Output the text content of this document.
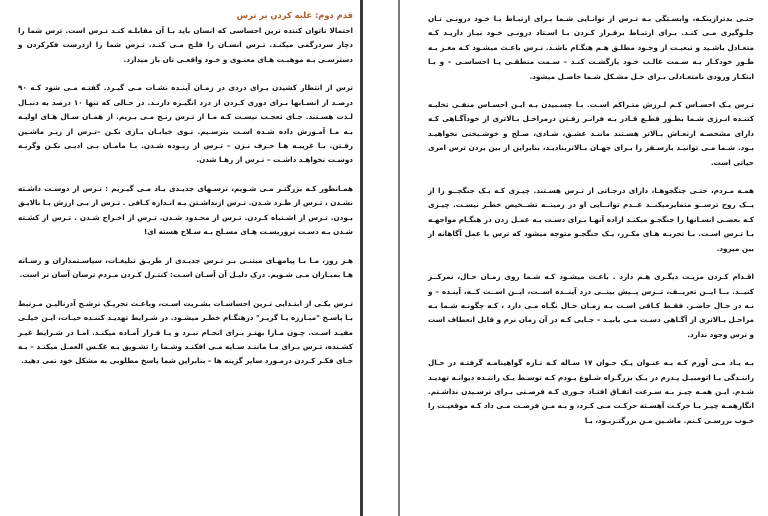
قدم دوم: غلبه کردن بر ترس

احتمالا ناتوان کننده ترین احساسی که انسان باید بـا آن مقابلـه کنـد تـرس است. ترس شما را دچار سردرگمی میکنـد. تـرس انسـان را فلـج مـی کنـد. تـرس شما را ازدرست فکرکردن و دسترسـی بـه موهبـت هـای معنـوی و خـود واقعـی تان باز میدارد.

ترس از انتظار کشیدن بـرای دردی در زمـان آینـده نشـات مـی گیـرد. گفتـه مـی شود کـه ۹۰ درصـد از انسـانها بـرای دوری کـردن از درد انگیـزه دارنـد. در حـالی که تنها ۱۰ درصد به دنبـال لـذت هسـتند. جـای تعجـب نیسـت کـه مـا از تـرس رنـج مـی بـریم. از همـان سـال هـای اولیـه بـه مـا آمـوزش داده شـده اسـت بترسـیم. تـوی خیابـان بـازی نکـن –تـرس از زیـر ماشـین رفـتن. بـا غریبـه هـا حـرف نـزن – تـرس از ربـوده شـدن. بـا مامـان بـی ادبـی نکـن وگرنـه دوسـت نخواهـد داشـت – تـرس از رهـا شدن.

همـانطور کـه بزرگتـر مـی شـویم، ترسـهای جدیـدی یـاد مـی گیـریم : تـرس از دوسـت داشـته نشـدن ، تـرس از طـرد شـدن. تـرس ازنداشـتن بـه انـدازه کـافی . تـرس از بـی ارزش یـا نالایـق بـودن. تـرس از اشـتباه کـردن. تـرس از محـدود شـدن. تـرس از اخـراج شـدن . تـرس از کشـته شـدن بـه دسـت تروریسـت هـای مسـلح بـه سـلاح هسته ای!

هـر روز، مـا بـا پیامهـای مبتنـی بـر تـرس جدیـدی از طریـق تبلیغـات، سیاسـتمداران و رسـانه هـا بمبـاران مـی شـویم. درک دلیـل آن آسـان اسـت: کنتـرل کـردن مـردم ترسان آسان تر است.

تـرس یکـی از ابتـدایی تـرین احساسـات بشـریت اسـت، وباعـث تحریـک ترشـح آدرنالیـن مـرتبط بـا پاسـخ "مبـارزه یـا گریـز" درهنگـام خطـر میشـود. در شـرایط تهدیـد کننـده حیـات، ایـن خیلـی مفیـد اسـت. چـون مـارا بهتـر بـرای انجـام نبـرد و یـا فـرار آمـاده میکنـد. امـا در شـرایط غیـر کشـنده، تـرس بـرای مـا ماننـد سـایه مـی افکنـد وشـما را تشـویق بـه عکـس العمـل میکنـد – بـه جـای فکـر کـردن درمـورد سایر گزینه ها – بنابراین شما پاسخ مطلوبی به مشکل خود نمی دهید.

حتـی بدترازینکـه، وابسـتگی بـه تـرس از توانـایی شـما بـرای ارتبـاط بـا خـود درونـی تـان جلـوگیری مـی کنـد. بـرای ارتبـاط برقـرار کـردن بـا اسـتاد درونـی خـود نیـاز داریـد کـه متعـادل باشـید و تبعیـت از وجـود مطلـق هـم هنگـام باشـد. تـرس باعـث میشـود کـه مغـز بـه طـور خودکـار بـه سـمت غالـب خـود بازگشـت کنـد – سـمت منطقـی یـا احساسـی – و بـا ابتکـار ورودی نامتعـادلی بـرای حـل مشـکل شـما حاصـل میشود.

تـرس یـک احسـاس کـم لـرزش متـراکم اسـت. بـا چسـبیدن بـه ایـن احسـاس منفـی تخلیـه کننـده انـرژی شـما بطـور قطـع قـادر بـه فرانـر رفـتن درمراحـل بـالاتری از خودآگـاهی کـه دارای مشخصـه ارتعـاش بـالاتر هسـتند ماننـد عشـق، شـادی، صـلح و خوشـبختی نخواهیـد بـود. شـما مـی توانیـد بارسـفر را بـرای جهـان بـالاتربنادیـد، بنابراین از بین بردن ترس امری حیاتی است.

همـه مـردم، حتـی جنگجوهـا، دارای درجـاتی از تـرس هسـتند. چیـزی کـه یـک جنگجــو را از یــک روح ترســو متمایزمیکنــد عــدم توانــایی او در زمینــه تشــخیص خطـر نیسـت. چیـزی کـه بعضـی انسـانها را جنگجـو میکنـد اراده آنهـا بـرای دسـت بـه عمـل زدن در هنگـام مواجهـه بـا تـرس اسـت. بـا تجربـه هـای مکـرر، یـک جنگجـو متوجه میشود که ترس با عمل آگاهانه از بین میرود.

اقـدام کـردن مزیـت دیگـری هـم دارد . باعـث میشـود کـه شـما روی زمـان حـال، تمرکــز کنیــد. بــا ایــن تعریــف، تــرس پــیش بینــی درد آینــده اســت، ایــن اســت کــه، آینـده – و نـه در حـال حاضـر. فقـط کـافی اسـت بـه زمـان حـال نگـاه مـی دارد ، کـه چگونـه شـما بـه مراحـل بـالاتری از آگـاهی دسـت مـی یابیـد – جـایی کـه در آن زمان نرم و قابل انعطاف است و ترس وجود ندارد.

بـه یـاد مـی آورم کـه بـه عنـوان یـک جـوان ۱۷ سـاله کـه تـازه گواهینامـه گرفتـه در حـال راننـدگی بـا اتومبیـل پـدرم در یـک بزرگـراه شـلوغ بـودم کـه توسـط یـک راننـده دیوانـه تهدیـد شـدم. ایـن همـه چیـز بـه سـرعت اتفـاق افتـاد جـوری کـه فرصـتی بـرای ترسـیدن نداشـتم. انگارهمـه چیـز بـا حرکـت آهسـته حرکـت مـی کـرد، و بـه مـن فرصـت مـی داد کـه موقعیـت را خـوب بررسـی کـنم. ماشـین مـن بزرگتـربـود، بـا
